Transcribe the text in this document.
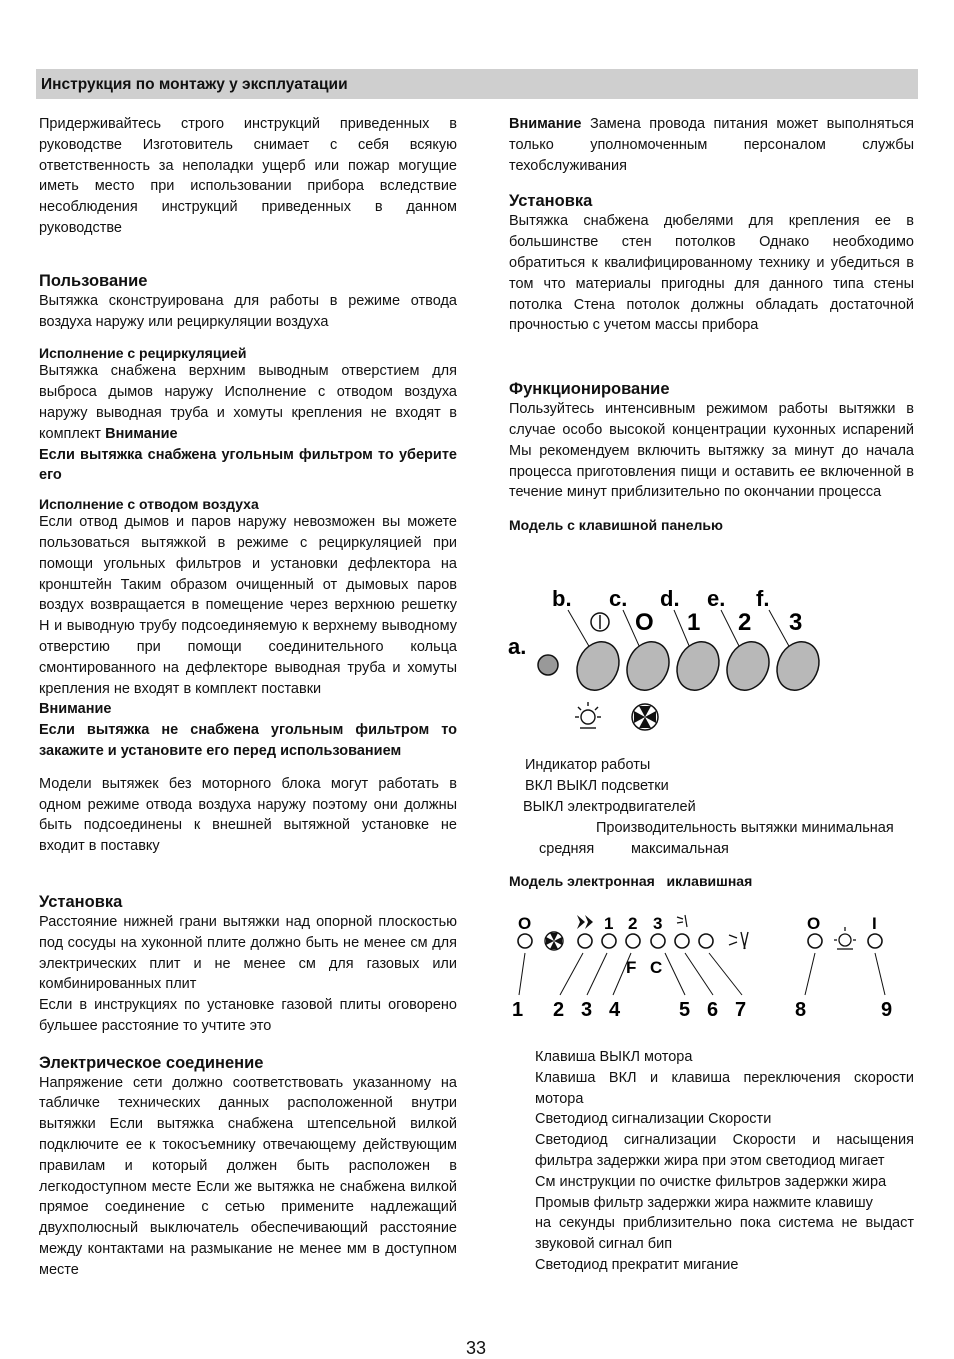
Инструкция по монтажу у эксплуатации

Придерживайтесь строго инструкций приведенных в руководстве Изготовитель снимает с себя всякую ответственность за неполадки ущерб или пожар могущие иметь место при использовании прибора вследствие несоблюдения инструкций приведенных в данном руководстве

Пользование

Вытяжка сконструирована для работы в режиме отвода воздуха наружу или рециркуляции воздуха

Исполнение с рециркуляцией

Вытяжка снабжена верхним выводным отверстием для выброса дымов наружу Исполнение с отводом воздуха наружу выводная труба и хомуты крепления не входят в комплект Внимание

Если вытяжка снабжена угольным фильтром то уберите его

Исполнение с отводом воздуха

Если отвод дымов и паров наружу невозможен вы можете пользоваться вытяжкой в режиме с рециркуляцией при помощи угольных фильтров и установки дефлектора на кронштейн Таким образом очищенный от дымовых паров воздух возвращается в помещение через верхнюю решетку H и выводную трубу подсоединяемую к верхнему выводному отверстию при помощи соединительного кольца смонтированного на дефлекторе выводная труба и хомуты крепления не входят в комплект поставки

Внимание

Если вытяжка не снабжена угольным фильтром то закажите и установите его перед использованием

Модели вытяжек без моторного блока могут работать в одном режиме отвода воздуха наружу поэтому они должны быть подсоединены к внешней вытяжной установке не входит в поставку

Установка

Расстояние нижней грани вытяжки над опорной плоскостью под сосуды на хуконной плите должно быть не менее см для электрических плит и не менее см для газовых или комбинированных плит

Если в инструкциях по установке газовой плиты оговорено бульшее расстояние то учтите это

Электрическое соединение

Напряжение сети должно соответствовать указанному на табличке технических данных расположенной внутри вытяжки Если вытяжка снабжена штепсельной вилкой подключите ее к токосъемнику отвечающему действующим правилам и который должен быть расположен в легкодоступном месте Если же вытяжка не снабжена вилкой прямое соединение с сетью примените надлежащий двухполюсный выключатель обеспечивающий расстояние между контактами на размыкание не менее мм в доступном месте

Внимание Замена провода питания может выполняться только уполномоченным персоналом службы техобслуживания

Установка

Вытяжка снабжена дюбелями для крепления ее в большинстве стен потолков Однако необходимо обратиться к квалифицированному технику и убедиться в том что материалы пригодны для данного типа стены потолка Стена потолок должны обладать достаточной прочностью с учетом массы прибора

Функционирование

Пользуйтесь интенсивным режимом работы вытяжки в случае особо высокой концентрации кухонных испарений Мы рекомендуем включить вытяжку за минут до начала процесса приготовления пищи и оставить ее включенной в течение минут приблизительно по окончании процесса

Модель с клавишной панелью

b. c. d. e. f.
a.
O 1 2 3
Индикатор работы
ВКЛ ВЫКЛ подсветки
ВЫКЛ электродвигателей
Производительность вытяжки минимальная
средняя	максимальная
Модель электронная иклавишная
O	1 2 3	O	I
F C
1 2 3 4	5 6 7 8	9
Клавиша ВЫКЛ мотора
Клавиша ВКЛ и клавиша переключения скорости мотора
Светодиод сигнализации Скорости
Светодиод сигнализации Скорости и насыщения фильтра задержки жира при этом светодиод мигает
См инструкции по очистке фильтров задержки жира
Промыв фильтр задержки жира нажмите клавишу
на секунды приблизительно пока система не выдаст звуковой сигнал бип
Светодиод прекратит мигание
33
